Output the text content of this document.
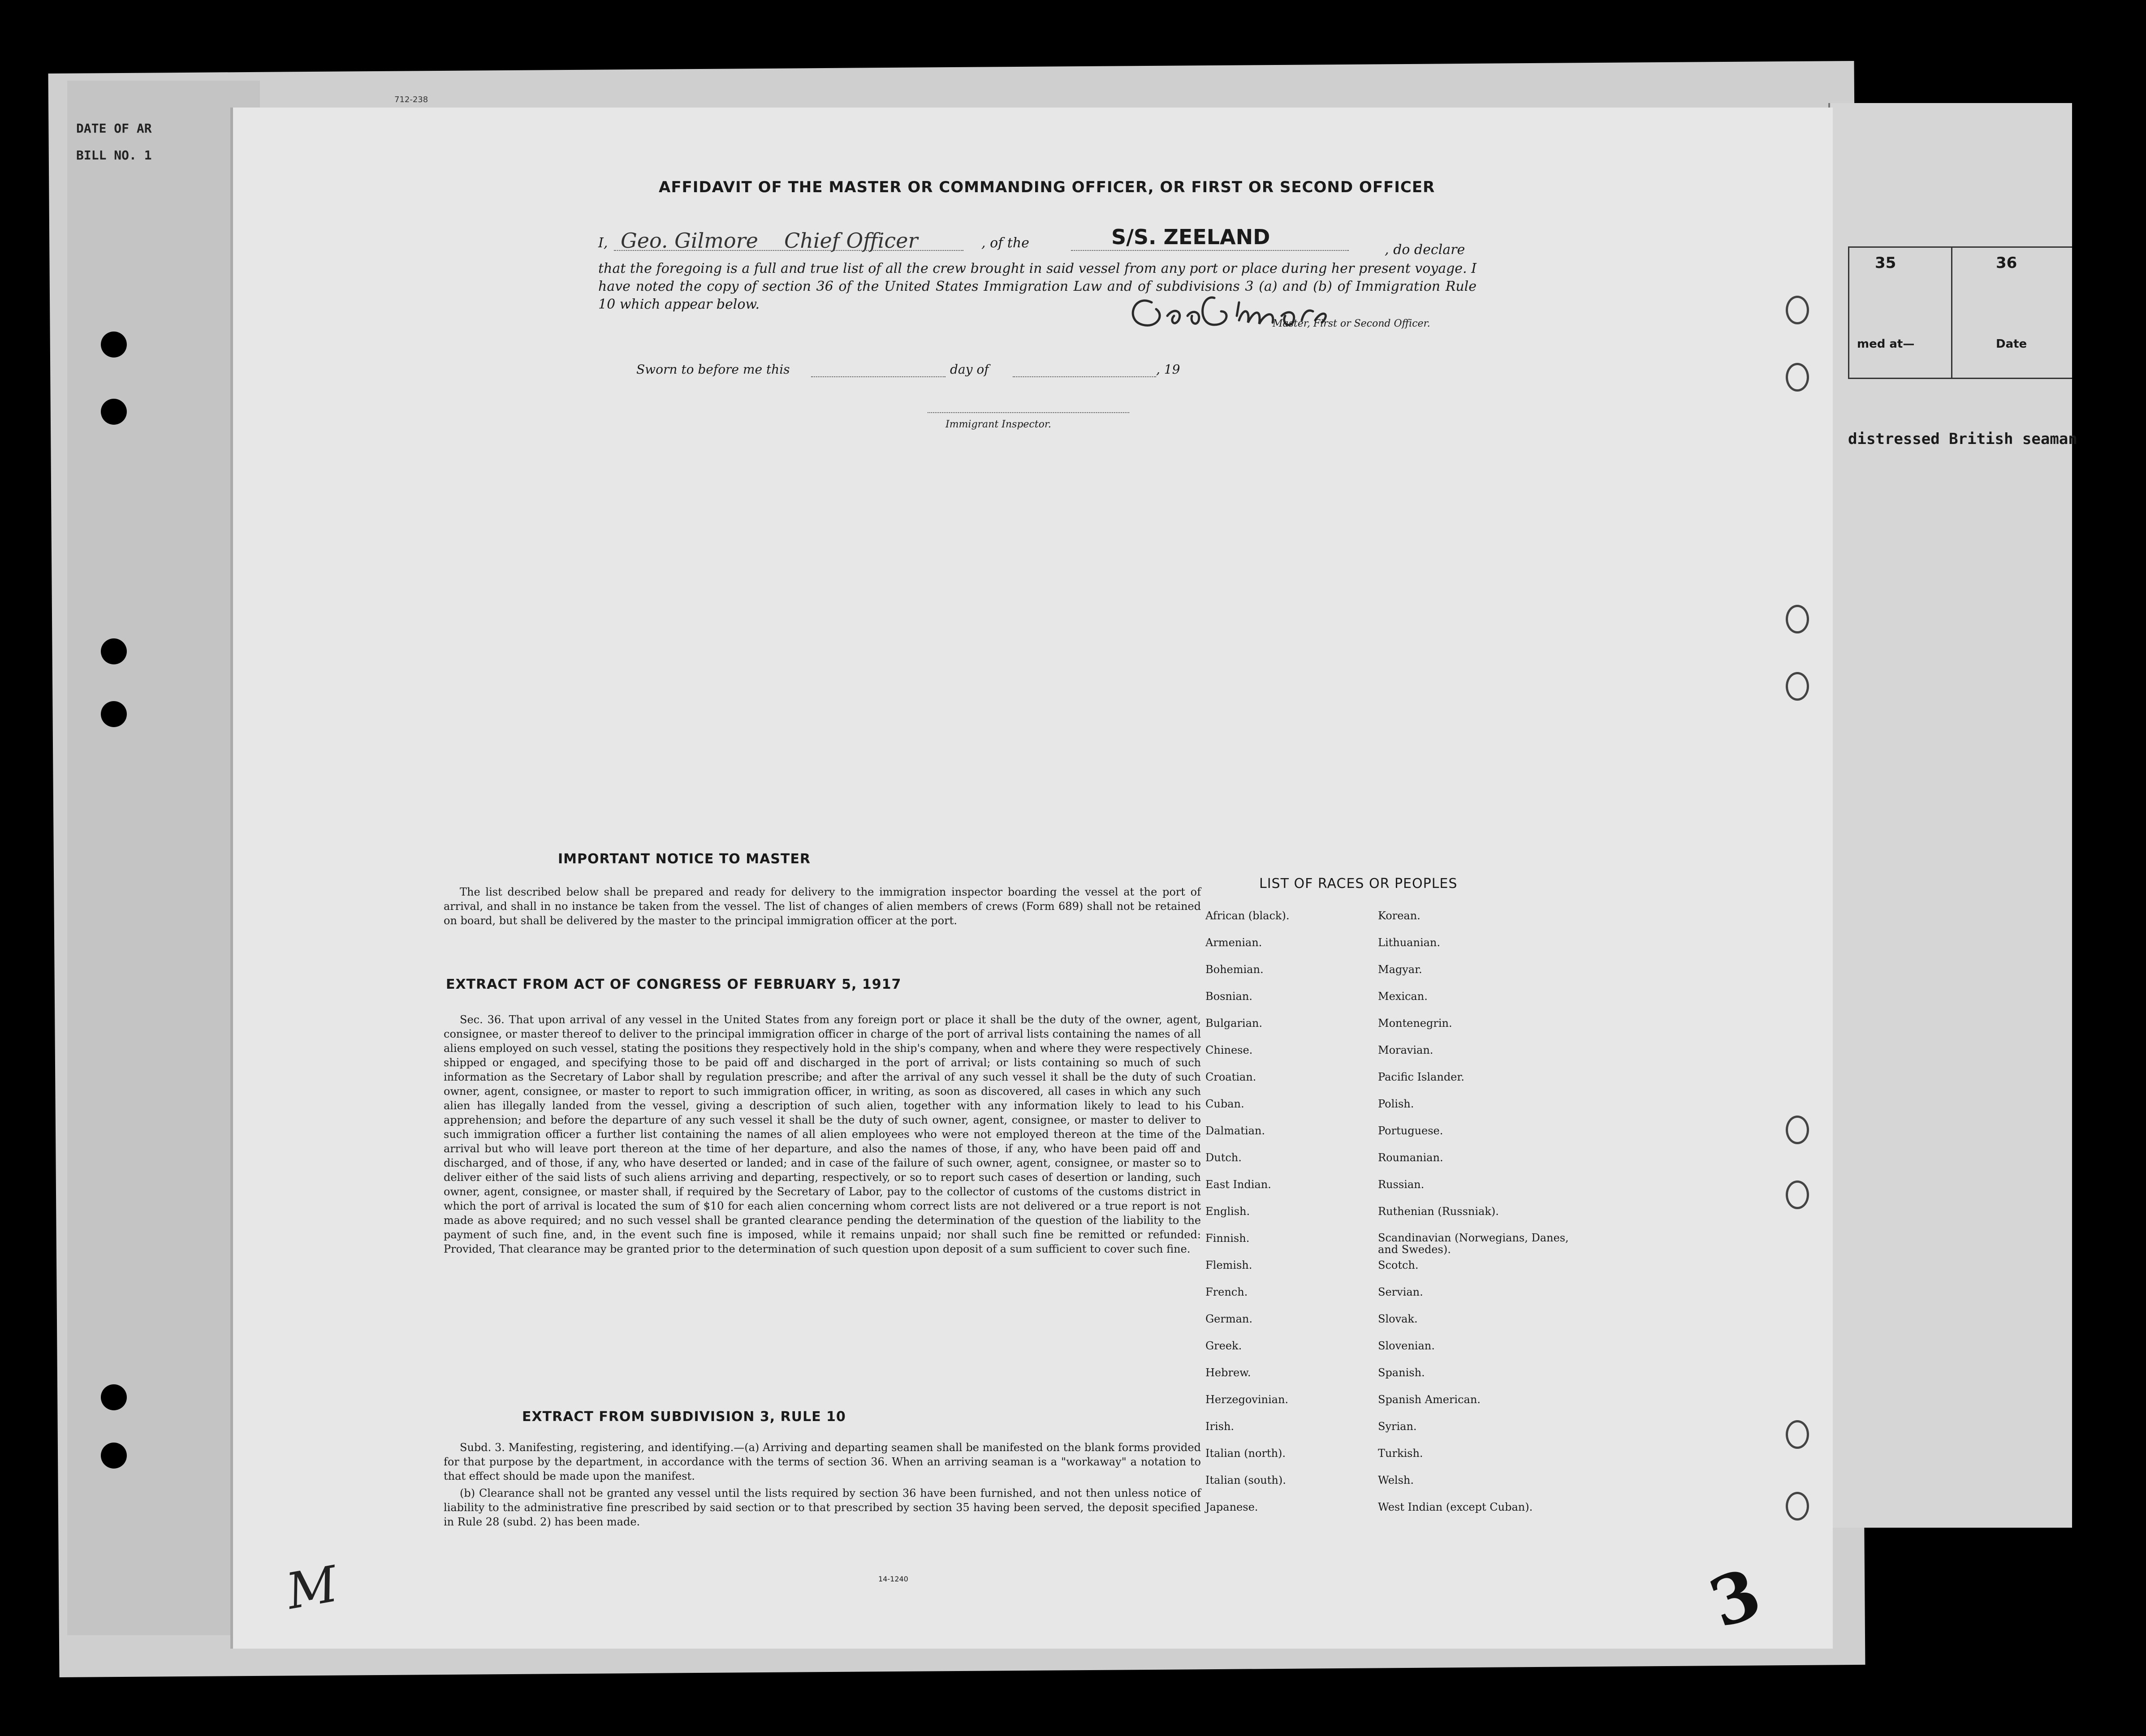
35	36
med at—	Date
distressed British seaman
DATE OF AR
BILL NO. 1
712-238
AFFIDAVIT OF THE MASTER OR COMMANDING OFFICER, OR FIRST OR SECOND OFFICER
I, Geo. Gilmore Chief Officer	, of the	S/S. ZEELAND
, do declare
that the foregoing is a full and true list of all the crew brought in said vessel from any port or place during her present voyage. I have noted the copy of section 36 of the United States Immigration Law and of subdivisions 3 (a) and (b) of Immigration Rule 10 which appear below.
Master, First or Second Officer.
Sworn to before me this	day of	, 19
Immigrant Inspector.
IMPORTANT NOTICE TO MASTER

The list described below shall be prepared and ready for delivery to the immigration inspector boarding the vessel at the port of arrival, and shall in no instance be taken from the vessel. The list of changes of alien members of crews (Form 689) shall not be retained on board, but shall be delivered by the master to the principal immigration officer at the port.

EXTRACT FROM ACT OF CONGRESS OF FEBRUARY 5, 1917

Sec. 36. That upon arrival of any vessel in the United States from any foreign port or place it shall be the duty of the owner, agent, consignee, or master thereof to deliver to the principal immigration officer in charge of the port of arrival lists containing the names of all aliens employed on such vessel, stating the positions they respectively hold in the ship's company, when and where they were respectively shipped or engaged, and specifying those to be paid off and discharged in the port of arrival; or lists containing so much of such information as the Secretary of Labor shall by regulation prescribe; and after the arrival of any such vessel it shall be the duty of such owner, agent, consignee, or master to report to such immigration officer, in writing, as soon as discovered, all cases in which any such alien has illegally landed from the vessel, giving a description of such alien, together with any information likely to lead to his apprehension; and before the departure of any such vessel it shall be the duty of such owner, agent, consignee, or master to deliver to such immigration officer a further list containing the names of all alien employees who were not employed thereon at the time of the arrival but who will leave port thereon at the time of her departure, and also the names of those, if any, who have been paid off and discharged, and of those, if any, who have deserted or landed; and in case of the failure of such owner, agent, consignee, or master so to deliver either of the said lists of such aliens arriving and departing, respectively, or so to report such cases of desertion or landing, such owner, agent, consignee, or master shall, if required by the Secretary of Labor, pay to the collector of customs of the customs district in which the port of arrival is located the sum of $10 for each alien concerning whom correct lists are not delivered or a true report is not made as above required; and no such vessel shall be granted clearance pending the determination of the question of the liability to the payment of such fine, and, in the event such fine is imposed, while it remains unpaid; nor shall such fine be remitted or refunded: Provided, That clearance may be granted prior to the determination of such question upon deposit of a sum sufficient to cover such fine.

EXTRACT FROM SUBDIVISION 3, RULE 10

Subd. 3. Manifesting, registering, and identifying.—(a) Arriving and departing seamen shall be manifested on the blank forms provided for that purpose by the department, in accordance with the terms of section 36. When an arriving seaman is a "workaway" a notation to that effect should be made upon the manifest.

(b) Clearance shall not be granted any vessel until the lists required by section 36 have been furnished, and not then unless notice of liability to the administrative fine prescribed by said section or to that prescribed by section 35 having been served, the deposit specified in Rule 28 (subd. 2) has been made.

14-1240
LIST OF RACES OR PEOPLES
African (black).
Armenian.
Bohemian.
Bosnian.
Bulgarian.
Chinese.
Croatian.
Cuban.
Dalmatian.
Dutch.
East Indian.
English.
Finnish.
Flemish.
French.
German.
Greek.
Hebrew.
Herzegovinian.
Irish.
Italian (north).
Italian (south).
Japanese.
Korean.
Lithuanian.
Magyar.
Mexican.
Montenegrin.
Moravian.
Pacific Islander.
Polish.
Portuguese.
Roumanian.
Russian.
Ruthenian (Russniak).
Scandinavian (Norwegians, Danes, and Swedes).
Scotch.
Servian.
Slovak.
Slovenian.
Spanish.
Spanish American.
Syrian.
Turkish.
Welsh.
West Indian (except Cuban).
3
M
